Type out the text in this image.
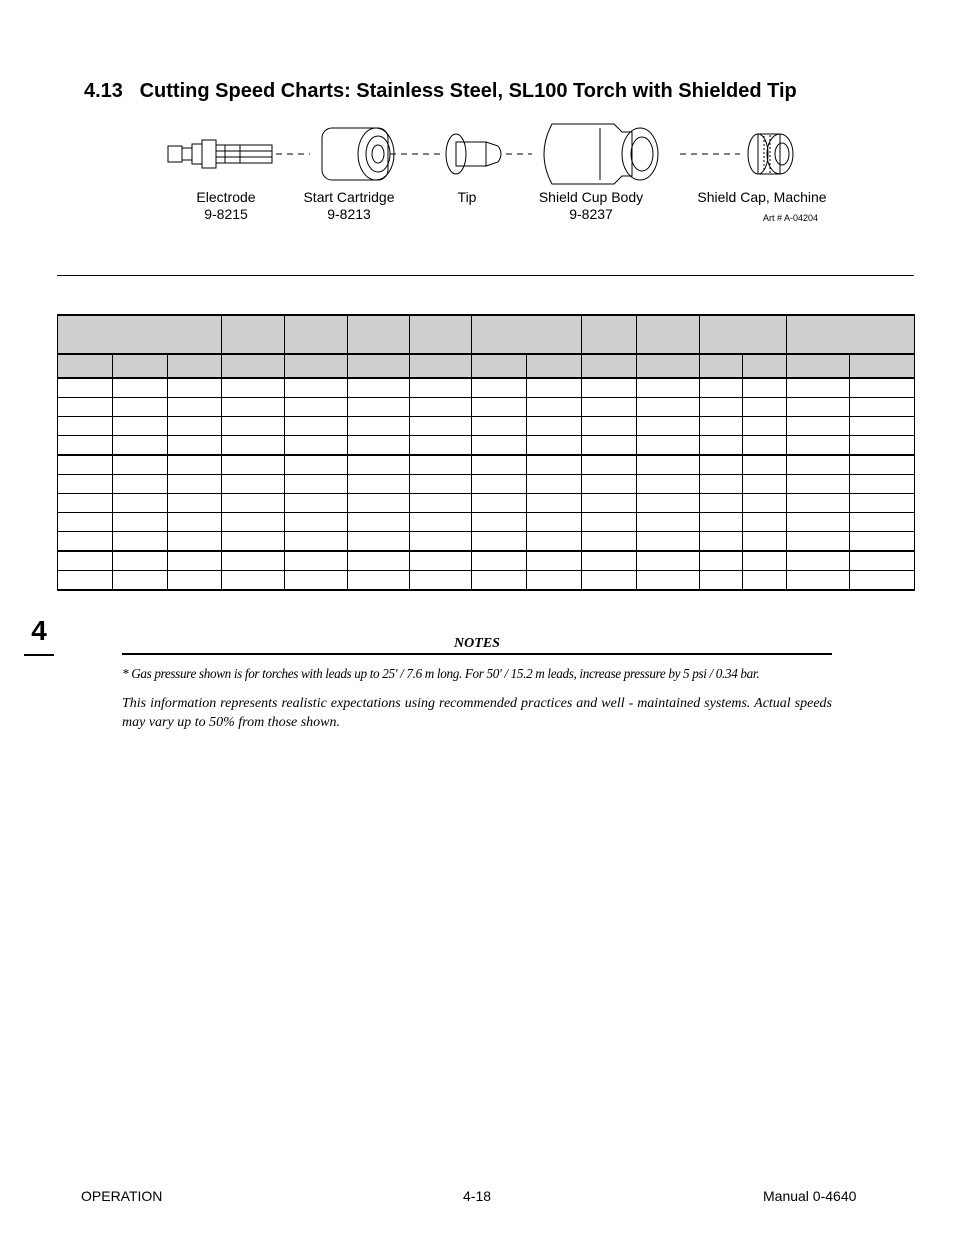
4.13 Cutting Speed Charts: Stainless Steel, SL100 Torch with Shielded Tip
Electrode
9-8215
Start Cartridge
9-8213
Tip	Shield Cup Body
9-8237
Shield Cap, Machine
Art # A-04204

4	NOTES
* Gas pressure shown is for torches with leads up to 25' / 7.6 m long. For 50' / 15.2 m leads, increase pressure by 5 psi / 0.34 bar.
This information represents realistic expectations using recommended practices and well - maintained systems. Actual speeds may vary up to 50% from those shown.
OPERATION	4-18	Manual 0-4640
